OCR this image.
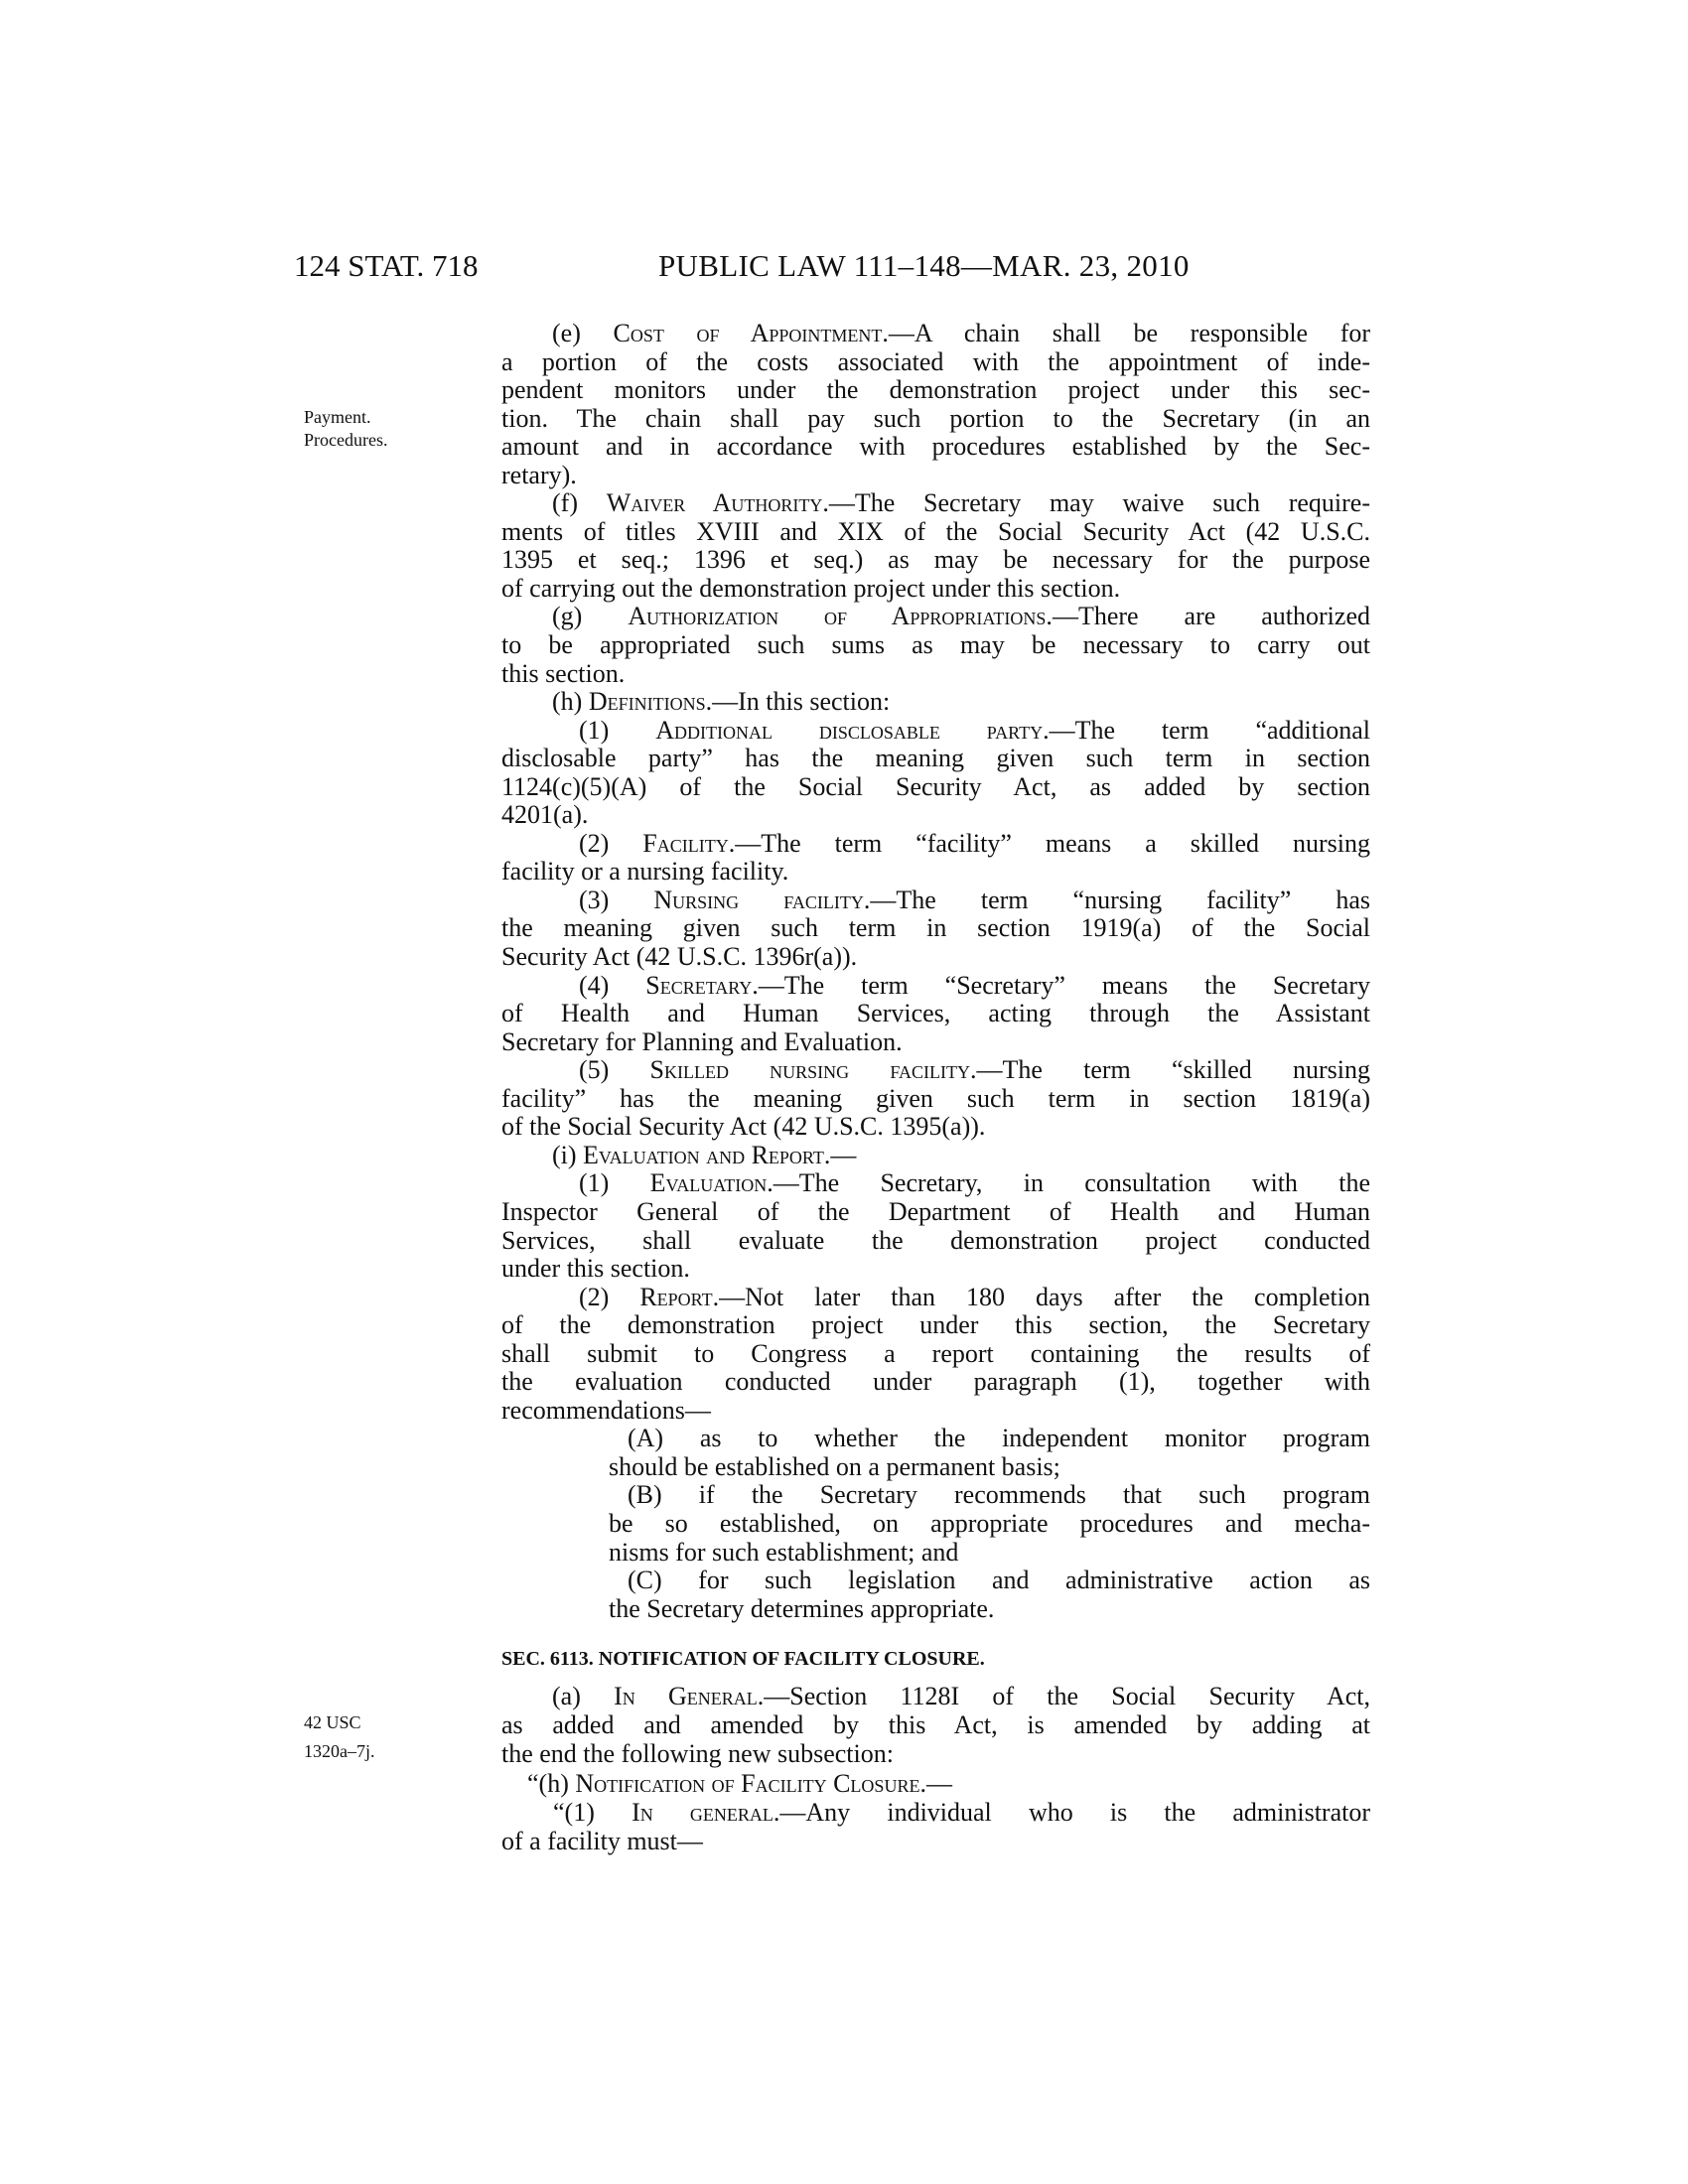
124 STAT. 718	PUBLIC LAW 111–148—MAR. 23, 2010
Payment.
Procedures.
42 USC
1320a–7j.
(e) Cost of Appointment.—A chain shall be responsible for
a portion of the costs associated with the appointment of inde-
pendent monitors under the demonstration project under this sec-
tion. The chain shall pay such portion to the Secretary (in an
amount and in accordance with procedures established by the Sec-
retary).
(f) Waiver Authority.—The Secretary may waive such require-
ments of titles XVIII and XIX of the Social Security Act (42 U.S.C.
1395 et seq.; 1396 et seq.) as may be necessary for the purpose
of carrying out the demonstration project under this section.
(g) Authorization of Appropriations.—There are authorized
to be appropriated such sums as may be necessary to carry out
this section.
(h) Definitions.—In this section:
(1) Additional disclosable party.—The term “additional
disclosable party” has the meaning given such term in section
1124(c)(5)(A) of the Social Security Act, as added by section
4201(a).
(2) Facility.—The term “facility” means a skilled nursing
facility or a nursing facility.
(3) Nursing facility.—The term “nursing facility” has
the meaning given such term in section 1919(a) of the Social
Security Act (42 U.S.C. 1396r(a)).
(4) Secretary.—The term “Secretary” means the Secretary
of Health and Human Services, acting through the Assistant
Secretary for Planning and Evaluation.
(5) Skilled nursing facility.—The term “skilled nursing
facility” has the meaning given such term in section 1819(a)
of the Social Security Act (42 U.S.C. 1395(a)).
(i) Evaluation and Report.—
(1) Evaluation.—The Secretary, in consultation with the
Inspector General of the Department of Health and Human
Services, shall evaluate the demonstration project conducted
under this section.
(2) Report.—Not later than 180 days after the completion
of the demonstration project under this section, the Secretary
shall submit to Congress a report containing the results of
the evaluation conducted under paragraph (1), together with
recommendations—
(A) as to whether the independent monitor program
should be established on a permanent basis;
(B) if the Secretary recommends that such program
be so established, on appropriate procedures and mecha-
nisms for such establishment; and
(C) for such legislation and administrative action as
the Secretary determines appropriate.
SEC. 6113. NOTIFICATION OF FACILITY CLOSURE.
(a) In General.—Section 1128I of the Social Security Act,
as added and amended by this Act, is amended by adding at
the end the following new subsection:
“(h) Notification of Facility Closure.—
“(1) In general.—Any individual who is the administrator
of a facility must—
